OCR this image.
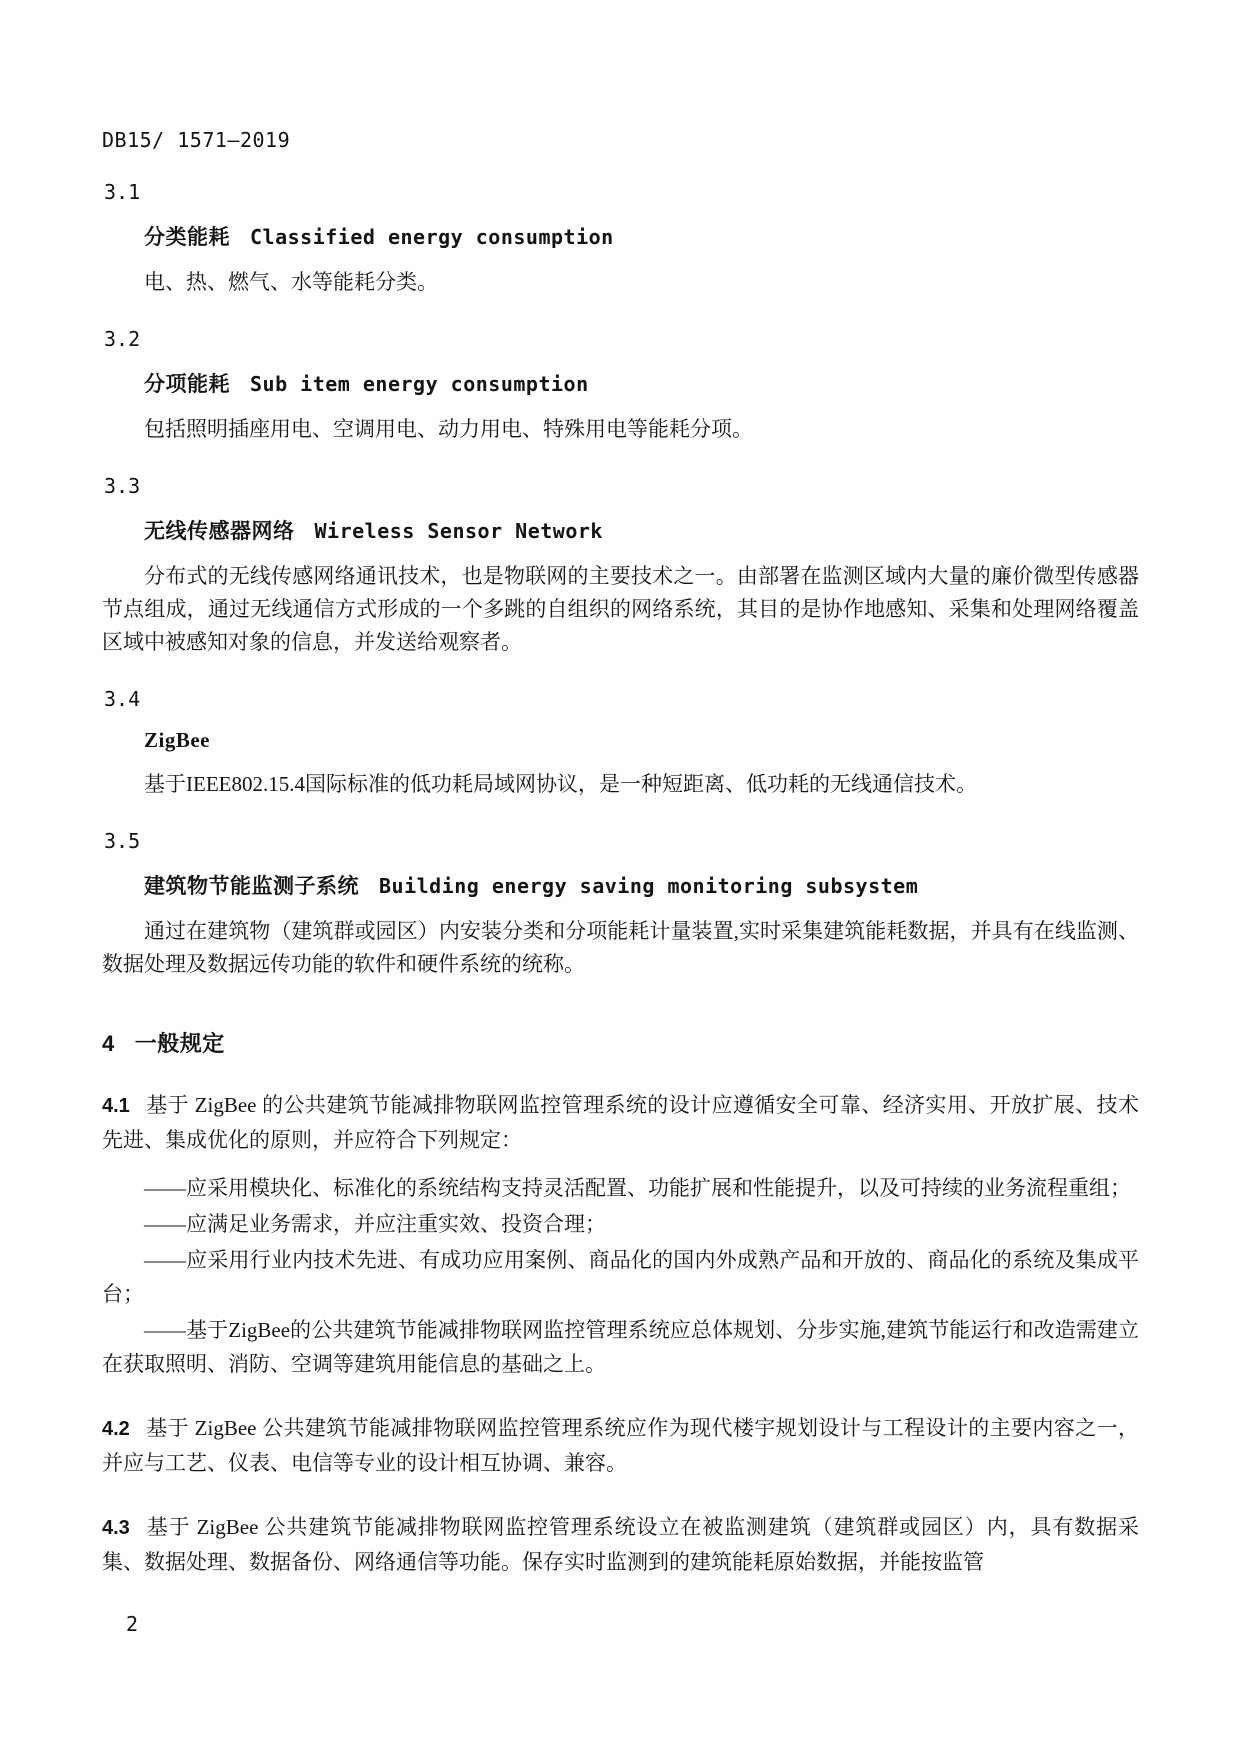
DB15/ 1571—2019
3.1
分类能耗 Classified energy consumption

电、热、燃气、水等能耗分类。

3.2
分项能耗 Sub item energy consumption

包括照明插座用电、空调用电、动力用电、特殊用电等能耗分项。

3.3
无线传感器网络 Wireless Sensor Network

分布式的无线传感网络通讯技术，也是物联网的主要技术之一。由部署在监测区域内大量的廉价微型传感器节点组成，通过无线通信方式形成的一个多跳的自组织的网络系统，其目的是协作地感知、采集和处理网络覆盖区域中被感知对象的信息，并发送给观察者。

3.4
ZigBee

基于IEEE802.15.4国际标准的低功耗局域网协议，是一种短距离、低功耗的无线通信技术。

3.5
建筑物节能监测子系统 Building energy saving monitoring subsystem

通过在建筑物（建筑群或园区）内安装分类和分项能耗计量装置,实时采集建筑能耗数据，并具有在线监测、数据处理及数据远传功能的软件和硬件系统的统称。

4 一般规定

4.1 基于 ZigBee 的公共建筑节能减排物联网监控管理系统的设计应遵循安全可靠、经济实用、开放扩展、技术先进、集成优化的原则，并应符合下列规定：

——应采用模块化、标准化的系统结构支持灵活配置、功能扩展和性能提升，以及可持续的业务流程重组；

——应满足业务需求，并应注重实效、投资合理；

——应采用行业内技术先进、有成功应用案例、商品化的国内外成熟产品和开放的、商品化的系统及集成平台；

——基于ZigBee的公共建筑节能减排物联网监控管理系统应总体规划、分步实施,建筑节能运行和改造需建立在获取照明、消防、空调等建筑用能信息的基础之上。

4.2 基于 ZigBee 公共建筑节能减排物联网监控管理系统应作为现代楼宇规划设计与工程设计的主要内容之一，并应与工艺、仪表、电信等专业的设计相互协调、兼容。

4.3 基于 ZigBee 公共建筑节能减排物联网监控管理系统设立在被监测建筑（建筑群或园区）内，具有数据采集、数据处理、数据备份、网络通信等功能。保存实时监测到的建筑能耗原始数据，并能按监管

2
